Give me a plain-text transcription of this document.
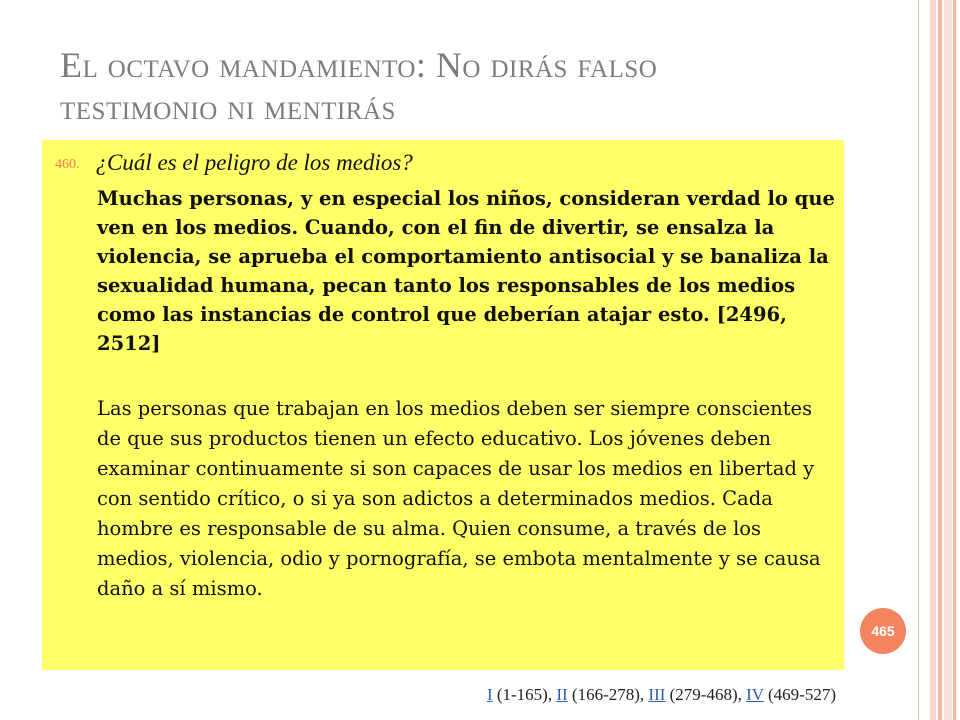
El octavo mandamiento: No dirás falso
testimonio ni mentirás
460. ¿Cuál es el peligro de los medios?

Muchas personas, y en especial los niños, consideran verdad lo que ven en los medios. Cuando, con el fin de divertir, se ensalza la violencia, se aprueba el comportamiento antisocial y se banaliza la sexualidad humana, pecan tanto los responsables de los medios como las instancias de control que deberían atajar esto. [2496, 2512]

Las personas que trabajan en los medios deben ser siempre conscientes de que sus productos tienen un efecto educativo. Los jóvenes deben examinar continuamente si son capaces de usar los medios en libertad y con sentido crítico, o si ya son adictos a determinados medios. Cada hombre es responsable de su alma. Quien consume, a través de los medios, violencia, odio y pornografía, se embota mentalmente y se causa daño a sí mismo.

465
I (1-165), II (166-278), III (279-468), IV (469-527)
